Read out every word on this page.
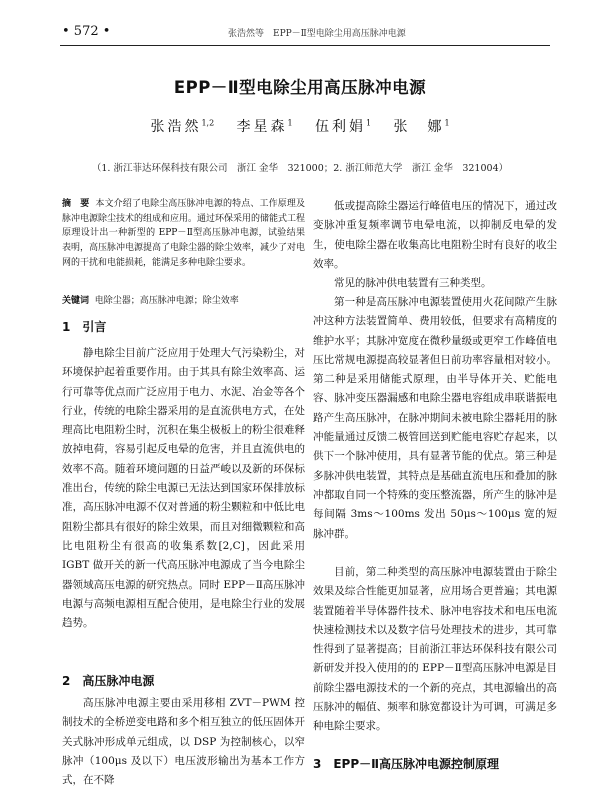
• 572 •	张浩然等　EPP－Ⅱ型电除尘用高压脉冲电源
EPP－Ⅱ型电除尘用高压脉冲电源
张浩然$^{1,2}$ 李星森$^1$ 伍利娟$^1$ 张　娜$^1$
（1. 浙江菲达环保科技有限公司　浙江 金华　321000；2. 浙江师范大学　浙江 金华　321004）
摘　要 本文介绍了电除尘高压脉冲电源的特点、工作原理及脉冲电源除尘技术的组成和应用。通过环保采用的储能式工程原理设计出一种新型的 EPP－Ⅱ型高压脉冲电源，试验结果表明，高压脉冲电源提高了电除尘器的除尘效率，减少了对电网的干扰和电能损耗，能满足多种电除尘要求。
关键词 电除尘器；高压脉冲电源；除尘效率
1　引言

静电除尘目前广泛应用于处理大气污染粉尘，对环境保护起着重要作用。由于其具有除尘效率高、运行可靠等优点而广泛应用于电力、水泥、冶金等各个行业，传统的电除尘器采用的是直流供电方式，在处理高比电阻粉尘时，沉积在集尘极板上的粉尘很难释放掉电荷，容易引起反电晕的危害，并且直流供电的效率不高。随着环境问题的日益严峻以及新的环保标准出台，传统的除尘电源已无法达到国家环保排放标准，高压脉冲电源不仅对普通的粉尘颗粒和中低比电阻粉尘都具有很好的除尘效果，而且对细微颗粒和高比电阻粉尘有很高的收集系数[2,C]，因此采用 IGBT 做开关的新一代高压脉冲电源成了当今电除尘器领域高压电源的研究热点。同时 EPP－Ⅱ高压脉冲电源与高频电源相互配合使用，是电除尘行业的发展趋势。

2　高压脉冲电源

高压脉冲电源主要由采用移相 ZVT－PWM 控制技术的全桥逆变电路和多个相互独立的低压固体开关式脉冲形成单元组成，以 DSP 为控制核心，以窄脉冲（100μs 及以下）电压波形输出为基本工作方式，在不降

低或提高除尘器运行峰值电压的情况下，通过改变脉冲重复频率调节电晕电流，以抑制反电晕的发生，使电除尘器在收集高比电阻粉尘时有良好的收尘效率。

常见的脉冲供电装置有三种类型。

第一种是高压脉冲电源装置使用火花间隙产生脉冲这种方法装置简单、费用较低，但要求有高精度的维护水平；其脉冲宽度在微秒量级或更窄工作峰值电压比常规电源提高较显著但日前功率容量相对较小。第二种是采用储能式原理，由半导体开关、贮能电容、脉冲变压器漏感和电除尘器电容组成串联谐振电路产生高压脉冲，在脉冲期间未被电除尘器耗用的脉冲能量通过反馈二极管回送到贮能电容贮存起来，以供下一个脉冲使用，具有显著节能的优点。第三种是多脉冲供电装置，其特点是基础直流电压和叠加的脉冲都取自同一个特殊的变压整流器，所产生的脉冲是每间隔 3ms～100ms 发出 50μs～100μs 宽的短脉冲群。

目前，第二种类型的高压脉冲电源装置由于除尘效果及综合性能更加显著，应用场合更普遍；其电源装置随着半导体器件技术、脉冲电容技术和电压电流快速检测技术以及数字信号处理技术的进步，其可靠性得到了显著提高；目前浙江菲达环保科技有限公司新研发并投入使用的的 EPP－Ⅱ型高压脉冲电源是目前除尘器电源技术的一个新的亮点，其电源输出的高压脉冲的幅值、频率和脉宽都设计为可调，可满足多种电除尘要求。

3　EPP－Ⅱ高压脉冲电源控制原理
